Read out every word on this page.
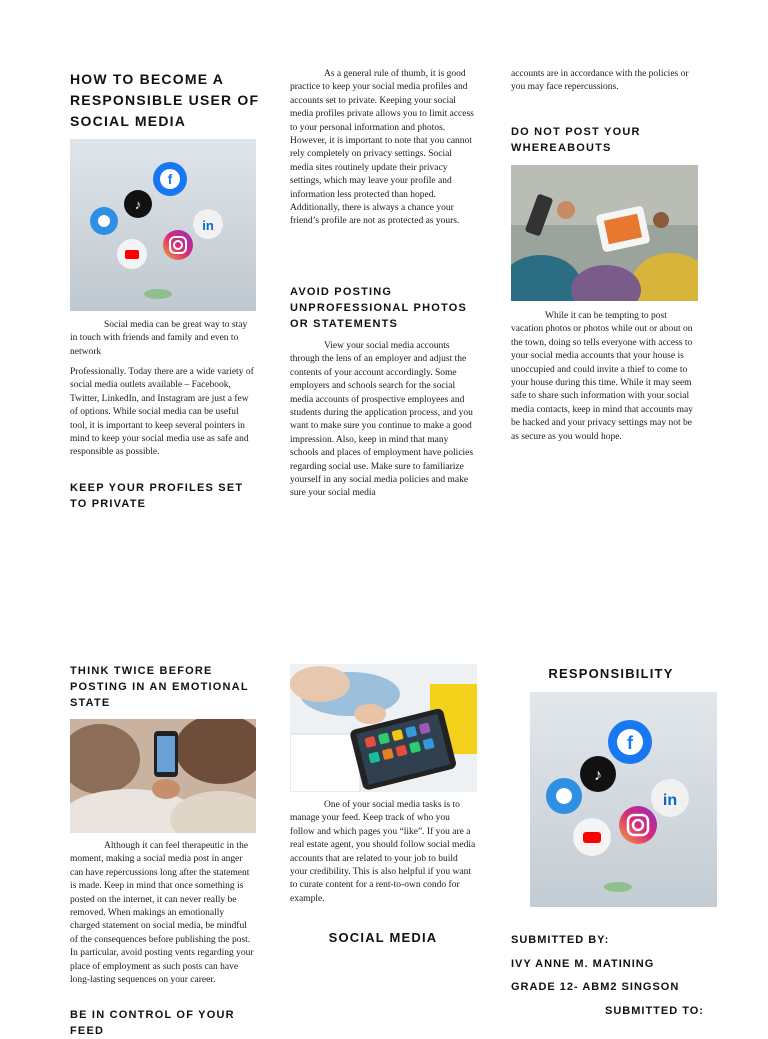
HOW TO BECOME A RESPONSIBLE USER OF SOCIAL MEDIA
f
♪
in

Social media can be great way to stay in touch with friends and family and even to network

Professionally. Today there are a wide variety of social media outlets available – Facebook, Twitter, LinkedIn, and Instagram are just a few of options. While social media can be useful tool, it is important to keep several pointers in mind to keep your social media use as safe and responsible as possible.

KEEP YOUR PROFILES SET TO PRIVATE

As a general rule of thumb, it is good practice to keep your social media profiles and accounts set to private. Keeping your social media profiles private allows you to limit access to your personal information and photos. However, it is important to note that you cannot rely completely on privacy settings. Social media sites routinely update their privacy settings, which may leave your profile and information less protected than hoped. Additionally, there is always a chance your friend’s profile are not as protected as yours.

AVOID POSTING UNPROFESSIONAL PHOTOS OR STATEMENTS

View your social media accounts through the lens of an employer and adjust the contents of your account accordingly. Some employers and schools search for the social media accounts of prospective employees and students during the application process, and you want to make sure you continue to make a good impression. Also, keep in mind that many schools and places of employment have policies regarding social use. Make sure to familiarize yourself in any social media policies and make sure your social media

accounts are in accordance with the policies or you may face repercussions.

DO NOT POST YOUR WHEREABOUTS

While it can be tempting to post vacation photos or photos while out or about on the town, doing so tells everyone with access to your social media accounts that your house is unoccupied and could invite a thief to come to your house during this time. While it may seem safe to share such information with your social media contacts, keep in mind that accounts may be hacked and your privacy settings may not be as secure as you would hope.

THINK TWICE BEFORE POSTING IN AN EMOTIONAL STATE

Although it can feel therapeutic in the moment, making a social media post in anger can have repercussions long after the statement is made. Keep in mind that once something is posted on the internet, it can never really be removed. When makings an emotionally charged statement on social media, be mindful of the consequences before publishing the post. In particular, avoid posting vents regarding your place of employment as such posts can have long-lasting sequences on your career.

BE IN CONTROL OF YOUR FEED

One of your social media tasks is to manage your feed. Keep track of who you follow and which pages you “like”. If you are a real estate agent, you should follow social media accounts that are related to your job to build your credibility. This is also helpful if you want to curate content for a rent-to-own condo for example.

SOCIAL MEDIA
RESPONSIBILITY
f
♪
in
SUBMITTED BY:
IVY ANNE M. MATINING
GRADE 12- ABM2 SINGSON
SUBMITTED TO:
